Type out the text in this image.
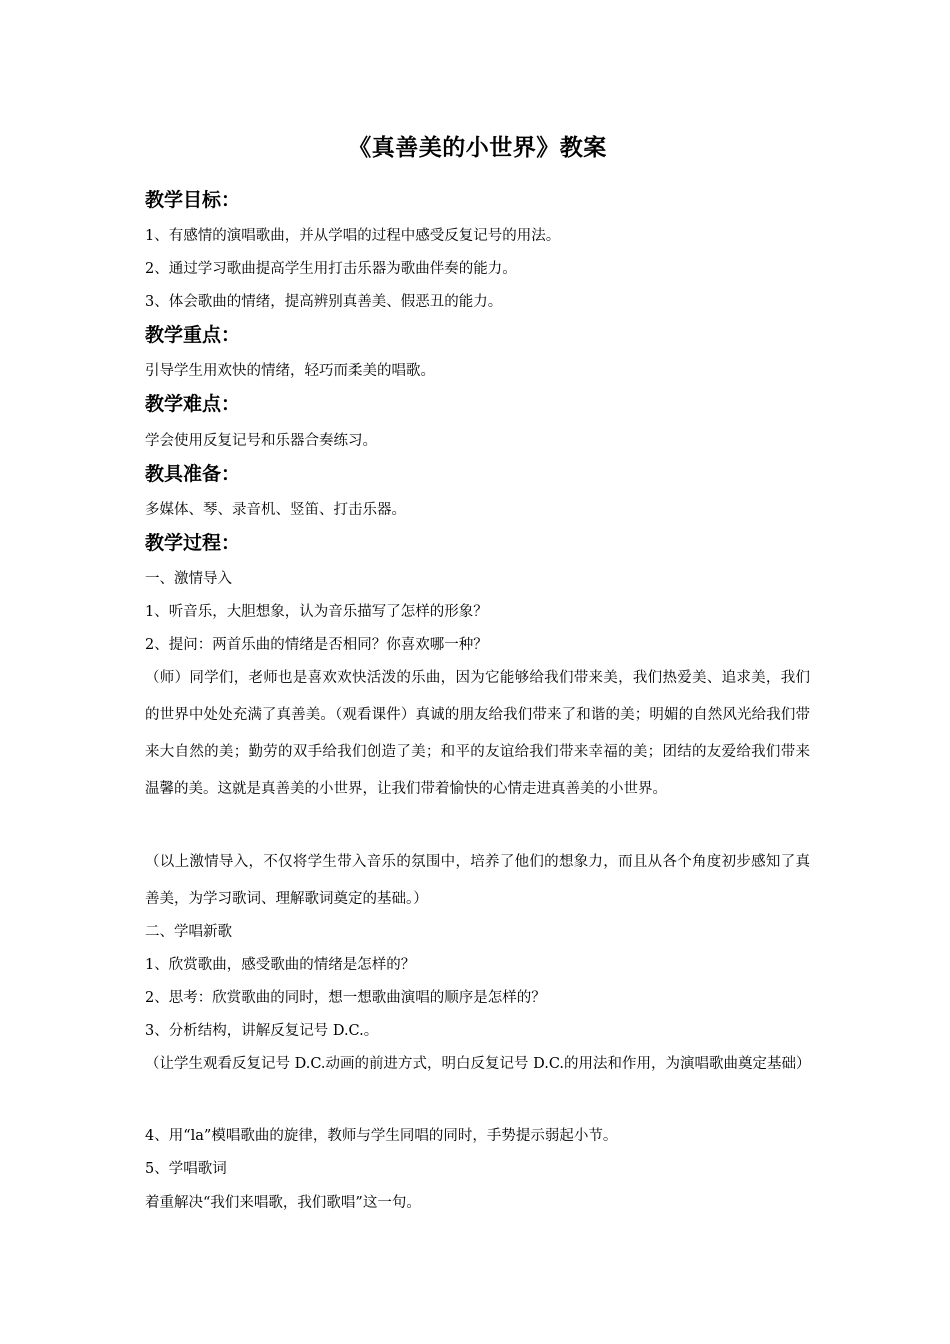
《真善美的小世界》教案
教学目标：
1、有感情的演唱歌曲，并从学唱的过程中感受反复记号的用法。
2、通过学习歌曲提高学生用打击乐器为歌曲伴奏的能力。
3、体会歌曲的情绪，提高辨别真善美、假恶丑的能力。
教学重点：
引导学生用欢快的情绪，轻巧而柔美的唱歌。
教学难点：
学会使用反复记号和乐器合奏练习。
教具准备：
多媒体、琴、录音机、竖笛、打击乐器。
教学过程：
一、激情导入
1、听音乐，大胆想象，认为音乐描写了怎样的形象？
2、提问：两首乐曲的情绪是否相同？你喜欢哪一种？
（师）同学们，老师也是喜欢欢快活泼的乐曲，因为它能够给我们带来美，我们热爱美、追求美，我们的世界中处处充满了真善美。（观看课件）真诚的朋友给我们带来了和谐的美；明媚的自然风光给我们带来大自然的美；勤劳的双手给我们创造了美；和平的友谊给我们带来幸福的美；团结的友爱给我们带来温馨的美。这就是真善美的小世界，让我们带着愉快的心情走进真善美的小世界。
（以上激情导入，不仅将学生带入音乐的氛围中，培养了他们的想象力，而且从各个角度初步感知了真善美，为学习歌词、理解歌词奠定的基础。）
二、学唱新歌
1、欣赏歌曲，感受歌曲的情绪是怎样的？
2、思考：欣赏歌曲的同时，想一想歌曲演唱的顺序是怎样的？
3、分析结构，讲解反复记号 D.C.。
（让学生观看反复记号 D.C.动画的前进方式，明白反复记号 D.C.的用法和作用，为演唱歌曲奠定基础）
4、用“la”模唱歌曲的旋律，教师与学生同唱的同时，手势提示弱起小节。
5、学唱歌词
着重解决“我们来唱歌，我们歌唱”这一句。
